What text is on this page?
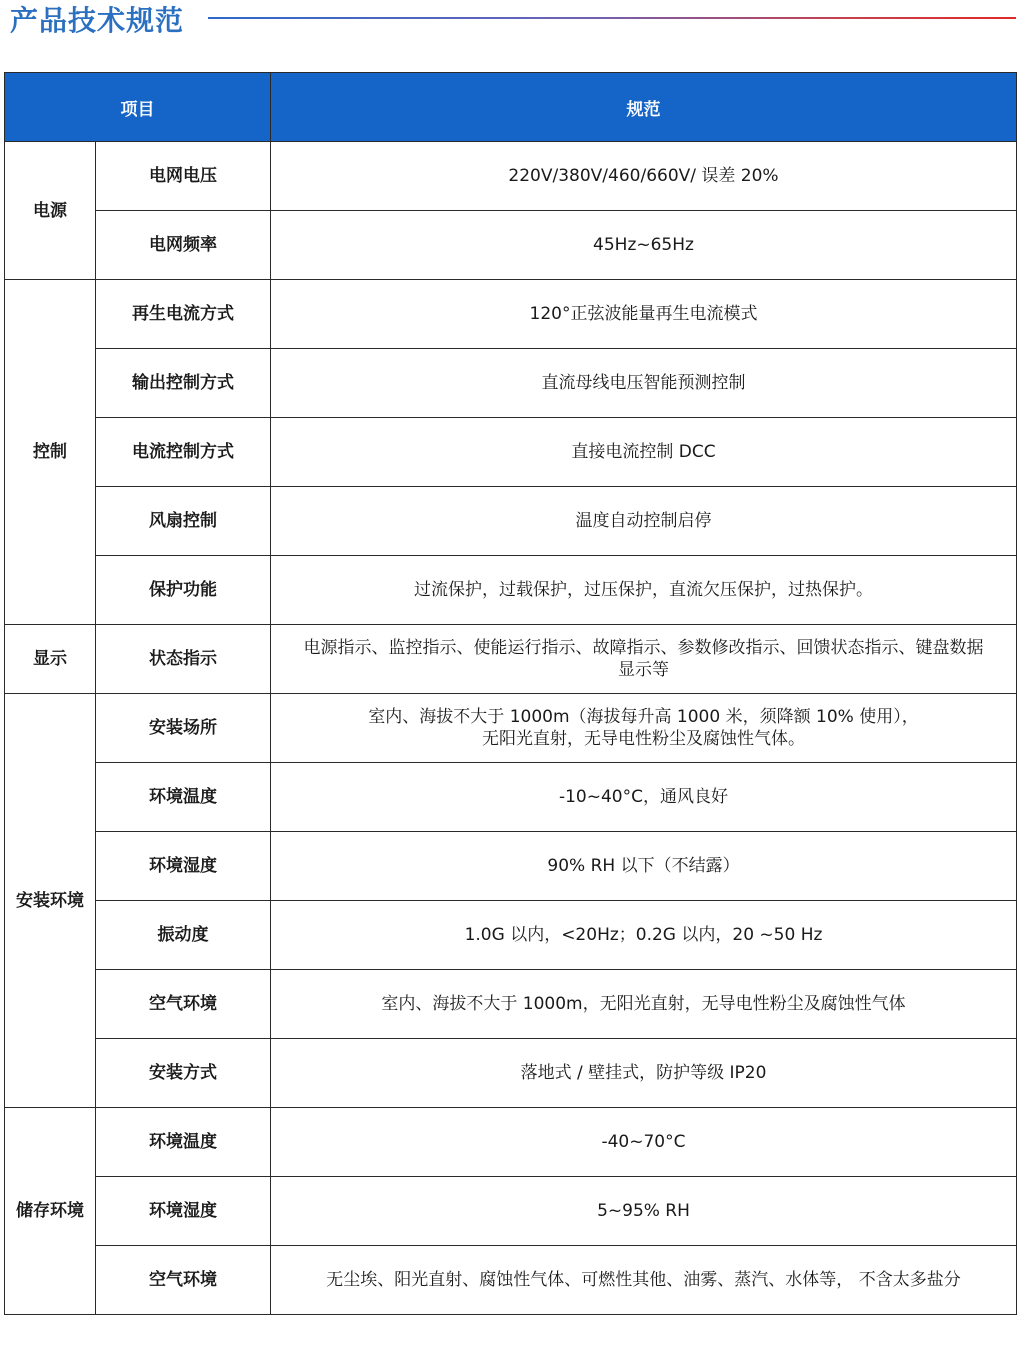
产品技术规范
项目		规范
电源	电网电压	220V/380V/460/660V/ 误差 20%
	电网频率	45Hz~65Hz
控制	再生电流方式	120°正弦波能量再生电流模式
	输出控制方式	直流母线电压智能预测控制
	电流控制方式	直接电流控制 DCC
	风扇控制	温度自动控制启停
	保护功能	过流保护，过载保护，过压保护，直流欠压保护，过热保护。
显示	状态指示	电源指示、监控指示、使能运行指示、故障指示、参数修改指示、回馈状态指示、键盘数据
显示等

安装环境	安装场所	室内、海拔不大于 1000m（海拔每升高 1000 米，须降额 10% 使用），
无阳光直射，无导电性粉尘及腐蚀性气体。

	环境温度	-10~40°C，通风良好
	环境湿度	90% RH 以下（不结露）
	振动度	1.0G 以内，<20Hz；0.2G 以内，20 ~50 Hz
	空气环境	室内、海拔不大于 1000m，无阳光直射，无导电性粉尘及腐蚀性气体
	安装方式	落地式 / 壁挂式，防护等级 IP20
储存环境	环境温度	-40~70°C
	环境湿度	5~95% RH
	空气环境	无尘埃、阳光直射、腐蚀性气体、可燃性其他、油雾、蒸汽、水体等， 不含太多盐分
